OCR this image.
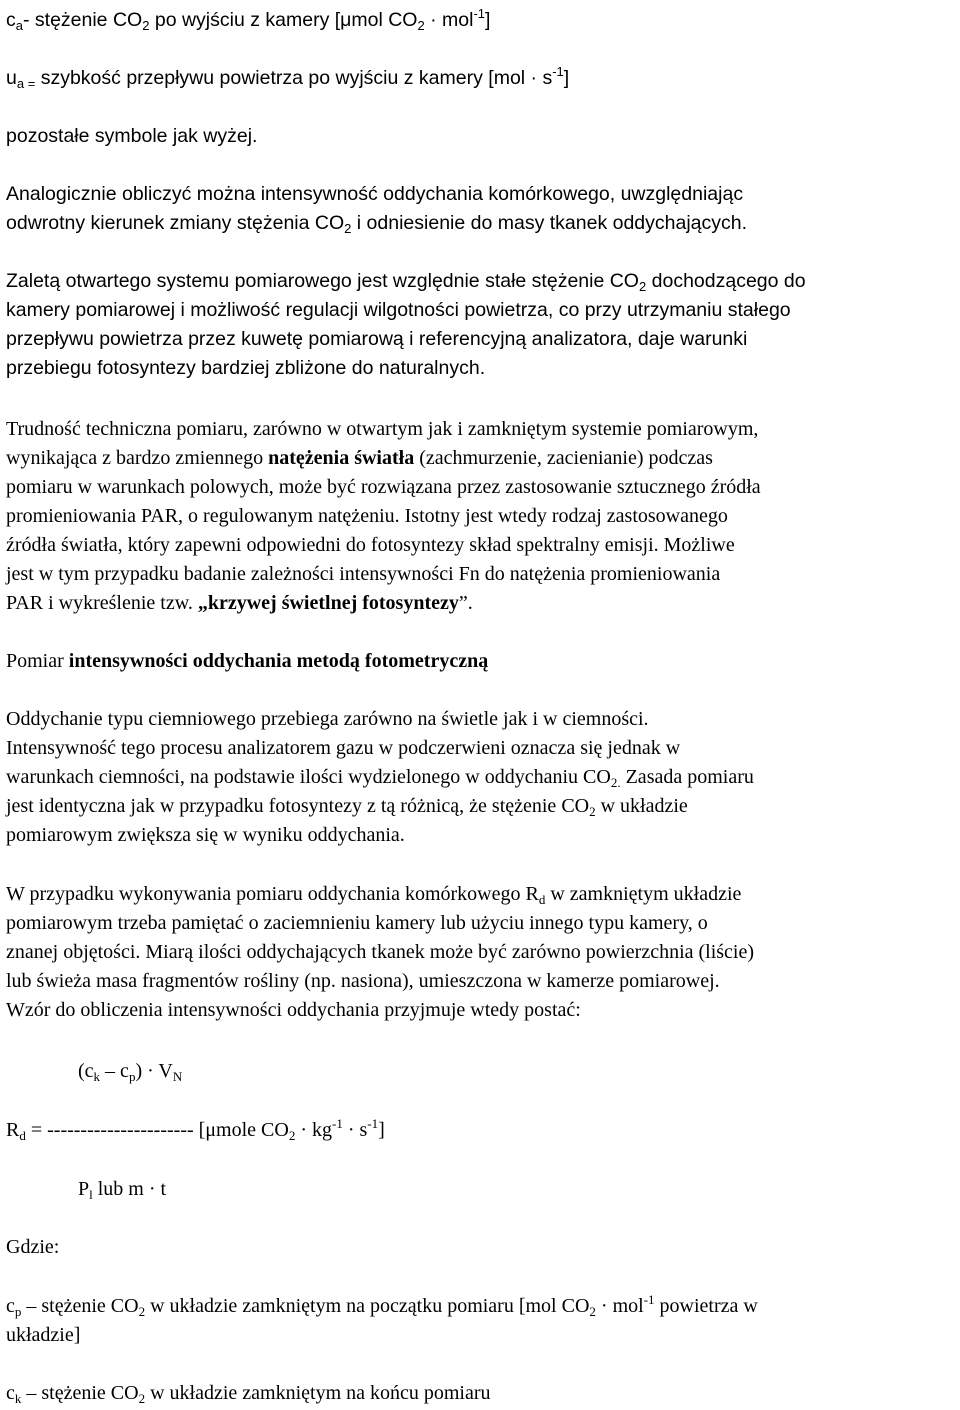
$c_a-$ stężenie $CO_2$ po wyjściu z kamery [μmol $CO_2 \cdot mol^{-1}$]
$u_{a =}$ szybkość przepływu powietrza po wyjściu z kamery $[mol \cdot s^{-1}]$
pozostałe symbole jak wyżej.
Analogicznie obliczyć można intensywność oddychania komórkowego, uwzględniając
odwrotny kierunek zmiany stężenia $CO_2$ i odniesienie do masy tkanek oddychających.
Zaletą otwartego systemu pomiarowego jest względnie stałe stężenie $CO_2$ dochodzącego do
kamery pomiarowej i możliwość regulacji wilgotności powietrza, co przy utrzymaniu stałego
przepływu powietrza przez kuwetę pomiarową i referencyjną analizatora, daje warunki
przebiegu fotosyntezy bardziej zbliżone do naturalnych.
Trudność techniczna pomiaru, zarówno w otwartym jak i zamkniętym systemie pomiarowym,
wynikająca z bardzo zmiennego natężenia światła (zachmurzenie, zacienianie) podczas
pomiaru w warunkach polowych, może być rozwiązana przez zastosowanie sztucznego źródła
promieniowania PAR, o regulowanym natężeniu. Istotny jest wtedy rodzaj zastosowanego
źródła światła, który zapewni odpowiedni do fotosyntezy skład spektralny emisji. Możliwe
jest w tym przypadku badanie zależności intensywności Fn do natężenia promieniowania
PAR i wykreślenie tzw. „krzywej świetlnej fotosyntezy”.
Pomiar intensywności oddychania metodą fotometryczną
Oddychanie typu ciemniowego przebiega zarówno na świetle jak i w ciemności.
Intensywność tego procesu analizatorem gazu w podczerwieni oznacza się jednak w
warunkach ciemności, na podstawie ilości wydzielonego w oddychaniu $CO_{2.}$ Zasada pomiaru
jest identyczna jak w przypadku fotosyntezy z tą różnicą, że stężenie $CO_2$ w układzie
pomiarowym zwiększa się w wyniku oddychania.
W przypadku wykonywania pomiaru oddychania komórkowego $R_d$ w zamkniętym układzie
pomiarowym trzeba pamiętać o zaciemnieniu kamery lub użyciu innego typu kamery, o
znanej objętości. Miarą ilości oddychających tkanek może być zarówno powierzchnia (liście)
lub świeża masa fragmentów rośliny (np. nasiona), umieszczona w kamerze pomiarowej.
Wzór do obliczenia intensywności oddychania przyjmuje wtedy postać:
$(c_k - c_p) \cdot V_N$
$R_d$ = ---------------------- [μmole $CO_2 \cdot kg^{-1} \cdot s^{-1}$]
$P_l$ lub m · t
Gdzie:
$c_p$ – stężenie $CO_2$ w układzie zamkniętym na początku pomiaru [mol $CO_2 \cdot mol^{-1}$ powietrza w
układzie]
$c_k$ – stężenie $CO_2$ w układzie zamkniętym na końcu pomiaru
